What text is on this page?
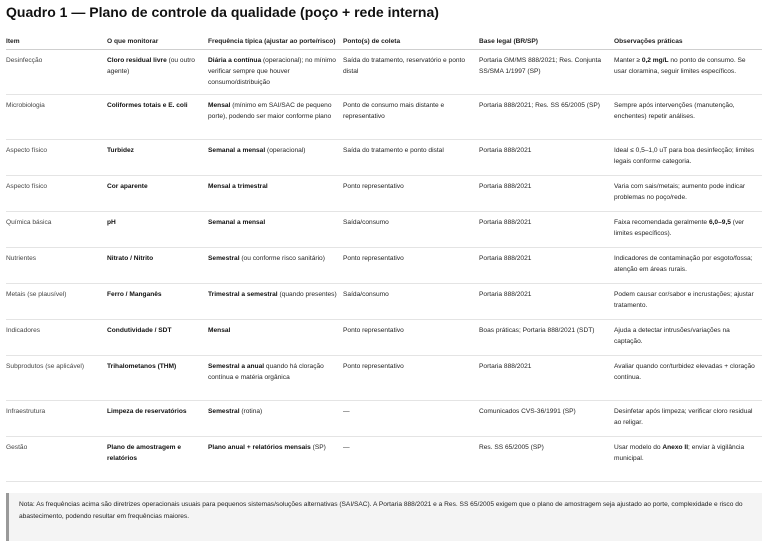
Quadro 1 — Plano de controle da qualidade (poço + rede interna)
Item	O que monitorar	Frequência típica (ajustar ao porte/risco)	Ponto(s) de coleta	Base legal (BR/SP)	Observações práticas
Desinfecção	Cloro residual livre (ou outro agente)	Diária a contínua (operacional); no mínimo verificar sempre que houver consumo/distribuição	Saída do tratamento, reservatório e ponto distal	Portaria GM/MS 888/2021; Res. Conjunta SS/SMA 1/1997 (SP)	Manter ≥ 0,2 mg/L no ponto de consumo. Se usar cloramina, seguir limites específicos.
Microbiologia	Coliformes totais e E. coli	Mensal (mínimo em SAI/SAC de pequeno porte), podendo ser maior conforme plano	Ponto de consumo mais distante e representativo	Portaria 888/2021; Res. SS 65/2005 (SP)	Sempre após intervenções (manutenção, enchentes) repetir análises.
Aspecto físico	Turbidez	Semanal a mensal (operacional)	Saída do tratamento e ponto distal	Portaria 888/2021	Ideal ≤ 0,5–1,0 uT para boa desinfecção; limites legais conforme categoria.
Aspecto físico	Cor aparente	Mensal a trimestral	Ponto representativo	Portaria 888/2021	Varia com sais/metais; aumento pode indicar problemas no poço/rede.
Química básica	pH	Semanal a mensal	Saída/consumo	Portaria 888/2021	Faixa recomendada geralmente 6,0–9,5 (ver limites específicos).
Nutrientes	Nitrato / Nitrito	Semestral (ou conforme risco sanitário)	Ponto representativo	Portaria 888/2021	Indicadores de contaminação por esgoto/fossa; atenção em áreas rurais.
Metais (se plausível)	Ferro / Manganês	Trimestral a semestral (quando presentes)	Saída/consumo	Portaria 888/2021	Podem causar cor/sabor e incrustações; ajustar tratamento.
Indicadores	Condutividade / SDT	Mensal	Ponto representativo	Boas práticas; Portaria 888/2021 (SDT)	Ajuda a detectar intrusões/variações na captação.
Subprodutos (se aplicável)	Trihalometanos (THM)	Semestral a anual quando há cloração contínua e matéria orgânica	Ponto representativo	Portaria 888/2021	Avaliar quando cor/turbidez elevadas + cloração contínua.
Infraestrutura	Limpeza de reservatórios	Semestral (rotina)	—	Comunicados CVS-36/1991 (SP)	Desinfetar após limpeza; verificar cloro residual ao religar.
Gestão	Plano de amostragem e relatórios	Plano anual + relatórios mensais (SP)	—	Res. SS 65/2005 (SP)	Usar modelo do Anexo II; enviar à vigilância municipal.
Nota: As frequências acima são diretrizes operacionais usuais para pequenos sistemas/soluções alternativas (SAI/SAC). A Portaria 888/2021 e a Res. SS 65/2005 exigem que o plano de amostragem seja ajustado ao porte, complexidade e risco do abastecimento, podendo resultar em frequências maiores.
